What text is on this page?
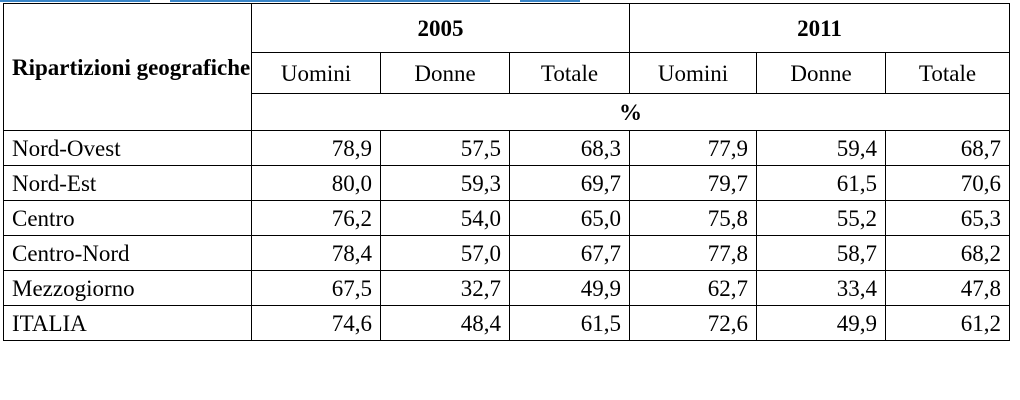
Ripartizioni geografiche	2005			2011		
	Uomini	Donne	Totale	Uomini	Donne	Totale
	%					
Nord-Ovest	78,9	57,5	68,3	77,9	59,4	68,7
Nord-Est	80,0	59,3	69,7	79,7	61,5	70,6
Centro	76,2	54,0	65,0	75,8	55,2	65,3
Centro-Nord	78,4	57,0	67,7	77,8	58,7	68,2
Mezzogiorno	67,5	32,7	49,9	62,7	33,4	47,8
ITALIA	74,6	48,4	61,5	72,6	49,9	61,2
